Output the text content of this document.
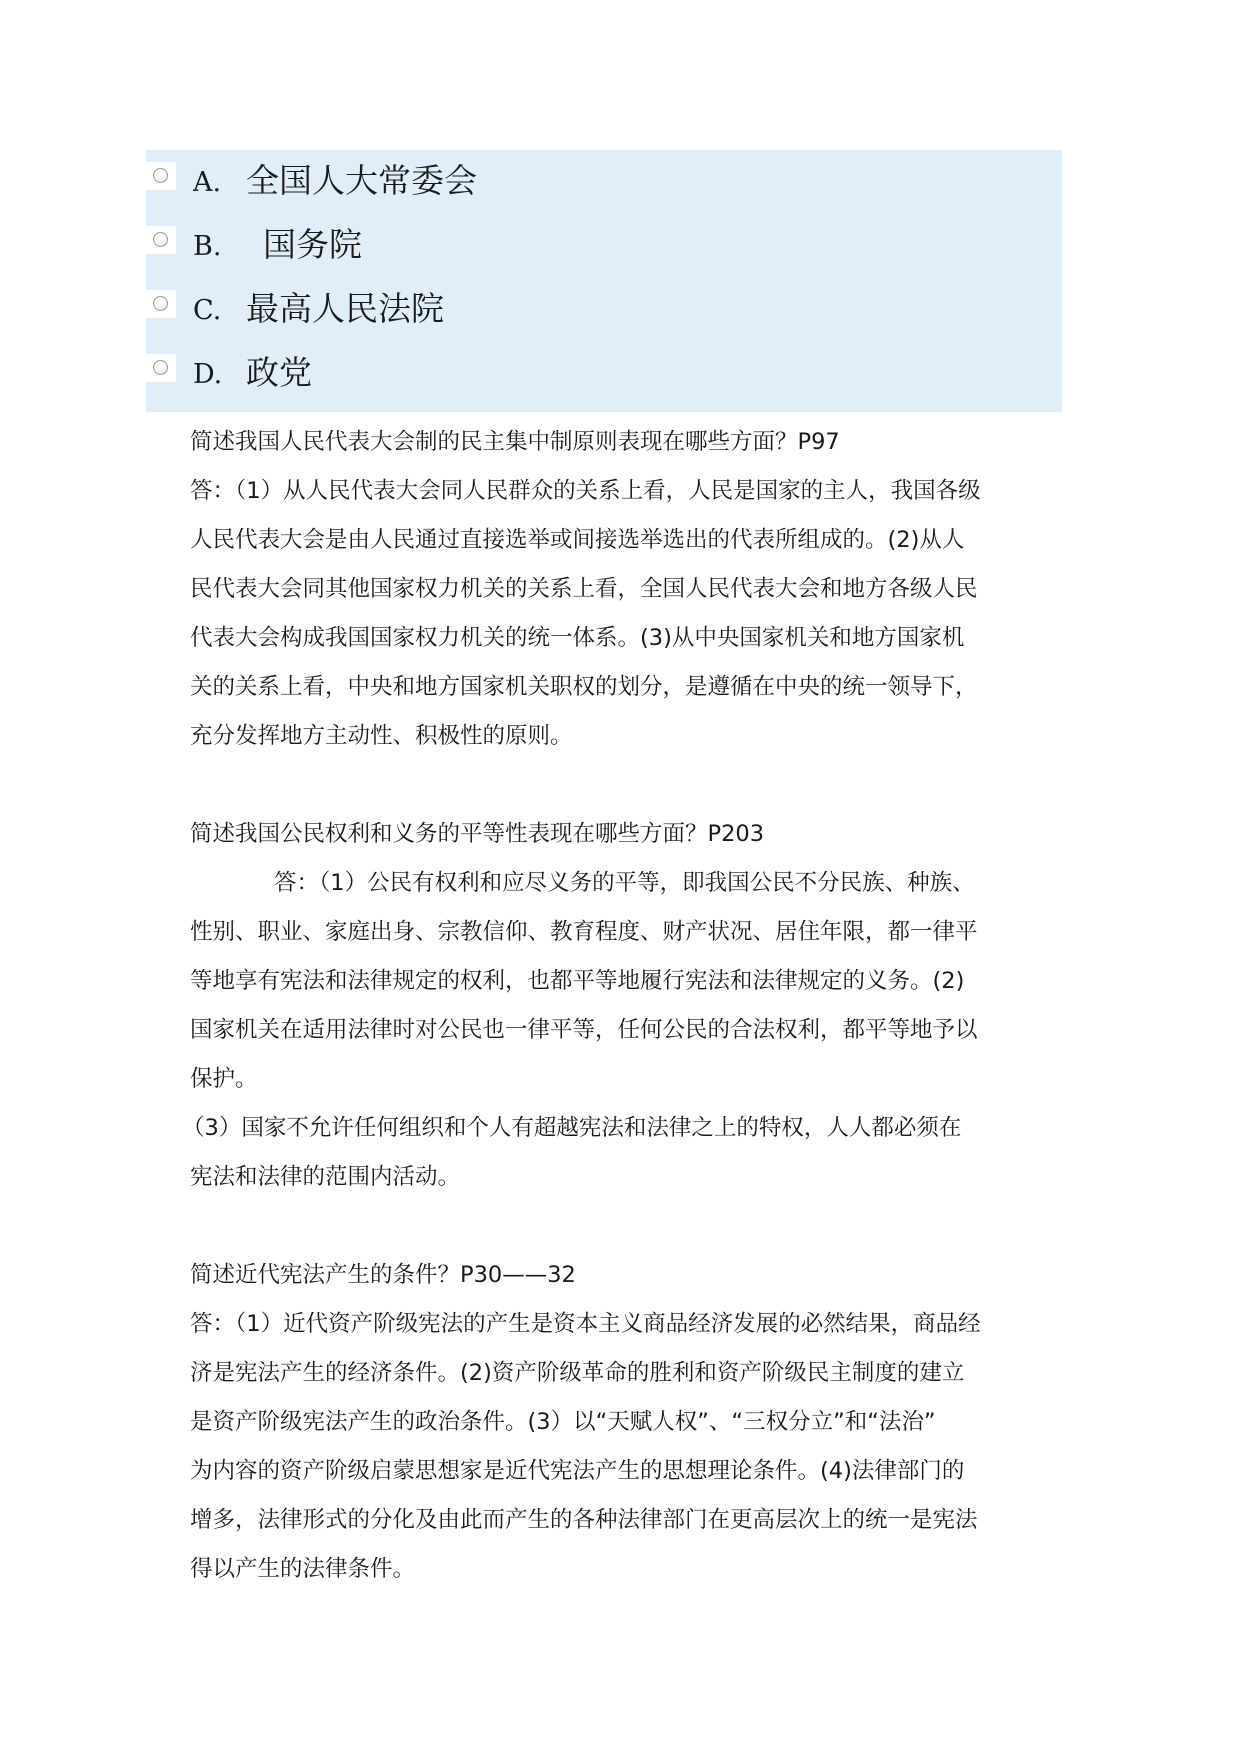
A. 全国人大常委会
B. 国务院
C. 最高人民法院
D. 政党
简述我国人民代表大会制的民主集中制原则表现在哪些方面？P97
答：（1）从人民代表大会同人民群众的关系上看，人民是国家的主人，我国各级
人民代表大会是由人民通过直接选举或间接选举选出的代表所组成的。(2)从人
民代表大会同其他国家权力机关的关系上看，全国人民代表大会和地方各级人民
代表大会构成我国国家权力机关的统一体系。(3)从中央国家机关和地方国家机
关的关系上看，中央和地方国家机关职权的划分，是遵循在中央的统一领导下，
充分发挥地方主动性、积极性的原则。
简述我国公民权利和义务的平等性表现在哪些方面？P203
答：（1）公民有权利和应尽义务的平等，即我国公民不分民族、种族、
性别、职业、家庭出身、宗教信仰、教育程度、财产状况、居住年限，都一律平
等地享有宪法和法律规定的权利，也都平等地履行宪法和法律规定的义务。(2)
国家机关在适用法律时对公民也一律平等，任何公民的合法权利，都平等地予以
保护。
（3）国家不允许任何组织和个人有超越宪法和法律之上的特权，人人都必须在
宪法和法律的范围内活动。
简述近代宪法产生的条件？P30——32
答：（1）近代资产阶级宪法的产生是资本主义商品经济发展的必然结果，商品经
济是宪法产生的经济条件。(2)资产阶级革命的胜利和资产阶级民主制度的建立
是资产阶级宪法产生的政治条件。(3）以“天赋人权”、“三权分立”和“法治”
为内容的资产阶级启蒙思想家是近代宪法产生的思想理论条件。(4)法律部门的
增多，法律形式的分化及由此而产生的各种法律部门在更高层次上的统一是宪法
得以产生的法律条件。
